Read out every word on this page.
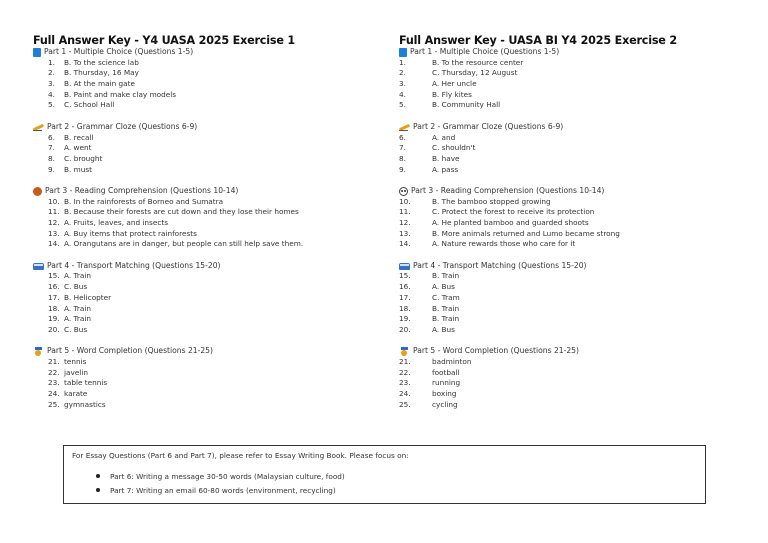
Full Answer Key - Y4 UASA 2025 Exercise 1
Part 1 - Multiple Choice (Questions 1-5)
1.	B. To the science lab
2.	B. Thursday, 16 May
3.	B. At the main gate
4.	B. Paint and make clay models
5.	C. School Hall
Part 2 - Grammar Cloze (Questions 6-9)
6.	B. recall
7.	A. went
8.	C. brought
9.	B. must
Part 3 - Reading Comprehension (Questions 10-14)
10. B. In the rainforests of Borneo and Sumatra
11. B. Because their forests are cut down and they lose their homes
12. A. Fruits, leaves, and insects
13. A. Buy items that protect rainforests
14. A. Orangutans are in danger, but people can still help save them.
Part 4 - Transport Matching (Questions 15-20)
15. A. Train
16. C. Bus
17. B. Helicopter
18. A. Train
19. A. Train
20. C. Bus
Part 5 - Word Completion (Questions 21-25)
21. tennis
22. javelin
23. table tennis
24. karate
25. gymnastics
Full Answer Key - UASA BI Y4 2025 Exercise 2
Part 1 - Multiple Choice (Questions 1-5)
1.	B. To the resource center
2.	C. Thursday, 12 August
3.	A. Her uncle
4.	B. Fly kites
5.	B. Community Hall
Part 2 - Grammar Cloze (Questions 6-9)
6.	A. and
7.	C. shouldn't
8.	B. have
9.	A. pass
Part 3 - Reading Comprehension (Questions 10-14)
10.	B. The bamboo stopped growing
11.	C. Protect the forest to receive its protection
12.	A. He planted bamboo and guarded shoots
13.	B. More animals returned and Lumo became strong
14.	A. Nature rewards those who care for it
Part 4 - Transport Matching (Questions 15-20)
15.	B. Train
16.	A. Bus
17.	C. Tram
18.	B. Train
19.	B. Train
20.	A. Bus
Part 5 - Word Completion (Questions 21-25)
21.	badminton
22.	football
23.	running
24.	boxing
25.	cycling
For Essay Questions (Part 6 and Part 7), please refer to Essay Writing Book. Please focus on:
Part 6: Writing a message 30-50 words (Malaysian culture, food)
Part 7: Writing an email 60-80 words (environment, recycling)
